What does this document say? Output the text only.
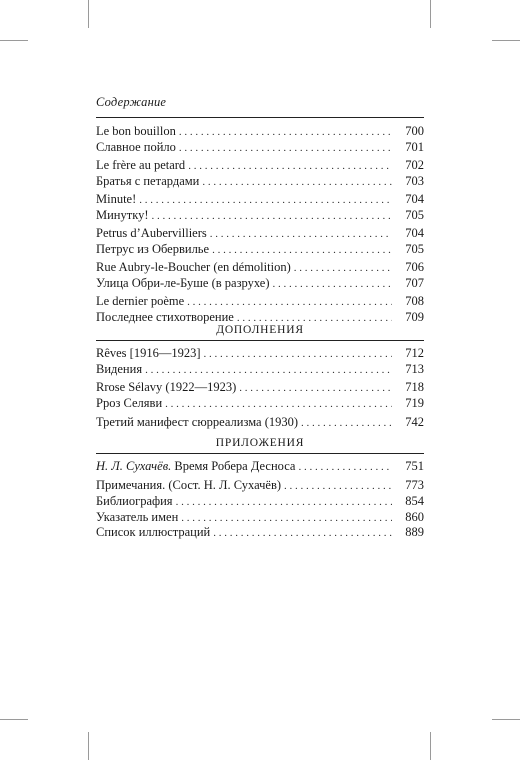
Содержание
Le bon bouillon . . .	700
Славное пойло . . .	701
Le frère au petard . . .	702
Братья с петардами . . .	703
Minute! . . .	704
Минутку! . . .	705
Petrus d’Aubervilliers . . .	704
Петрус из Обервилье . . .	705
Rue Aubry-le-Boucher (en démolition) . . .	706
Улица Обри-ле-Буше (в разрухе) . . .	707
Le dernier poème . . .	708
Последнее стихотворение . . .	709
ДОПОЛНЕНИЯ
Rêves [1916—1923] . . .	712
Видения . . .	713
Rrose Sélavy (1922—1923) . . .	718
Рроз Селяви . . .	719
Третий манифест сюрреализма (1930) . . .	742
ПРИЛОЖЕНИЯ
Н. Л. Сухачёв. Время Робера Десноса . . .	751
Примечания. (Сост. Н. Л. Сухачёв) . . .	773
Библиография . . .	854
Указатель имен . . .	860
Список иллюстраций . . .	889
